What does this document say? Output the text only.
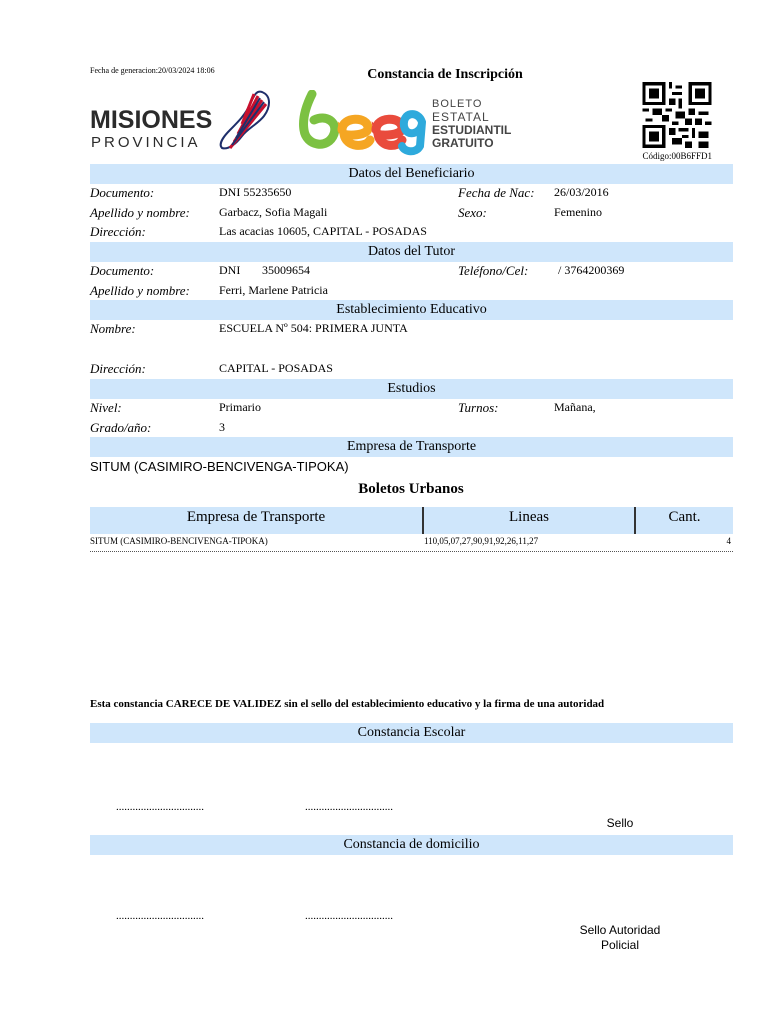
Fecha de generacion:20/03/2024 18:06	Constancia de Inscripción
MISIONES
PROVINCIA
BOLETO
ESTATAL
ESTUDIANTIL
GRATUITO
Código:00B6FFD1
Datos del Beneficiario
Documento:	DNI 55235650	Fecha de Nac: 26/03/2016
Apellido y nombre: Garbacz, Sofia Magali	Sexo:	Femenino
Dirección:	Las acacias 10605, CAPITAL - POSADAS
Datos del Tutor
Documento:	DNI 35009654	Teléfono/Cel: / 3764200369
Apellido y nombre: Ferri, Marlene Patricia
Establecimiento Educativo
Nombre:	ESCUELA Nº 504: PRIMERA JUNTA
Dirección:	CAPITAL - POSADAS
Estudios
Nivel:	Primario	Turnos:	Mañana,
Grado/año:	3
Empresa de Transporte
SITUM (CASIMIRO-BENCIVENGA-TIPOKA)
Boletos Urbanos
Empresa de Transporte	Lineas	Cant.
SITUM (CASIMIRO-BENCIVENGA-TIPOKA)	110,05,07,27,90,91,92,26,11,27	4
Esta constancia CARECE DE VALIDEZ sin el sello del establecimiento educativo y la firma de una autoridad
Constancia Escolar
................................	................................
Sello
Constancia de domicilio
................................	................................
Sello Autoridad
Policial
